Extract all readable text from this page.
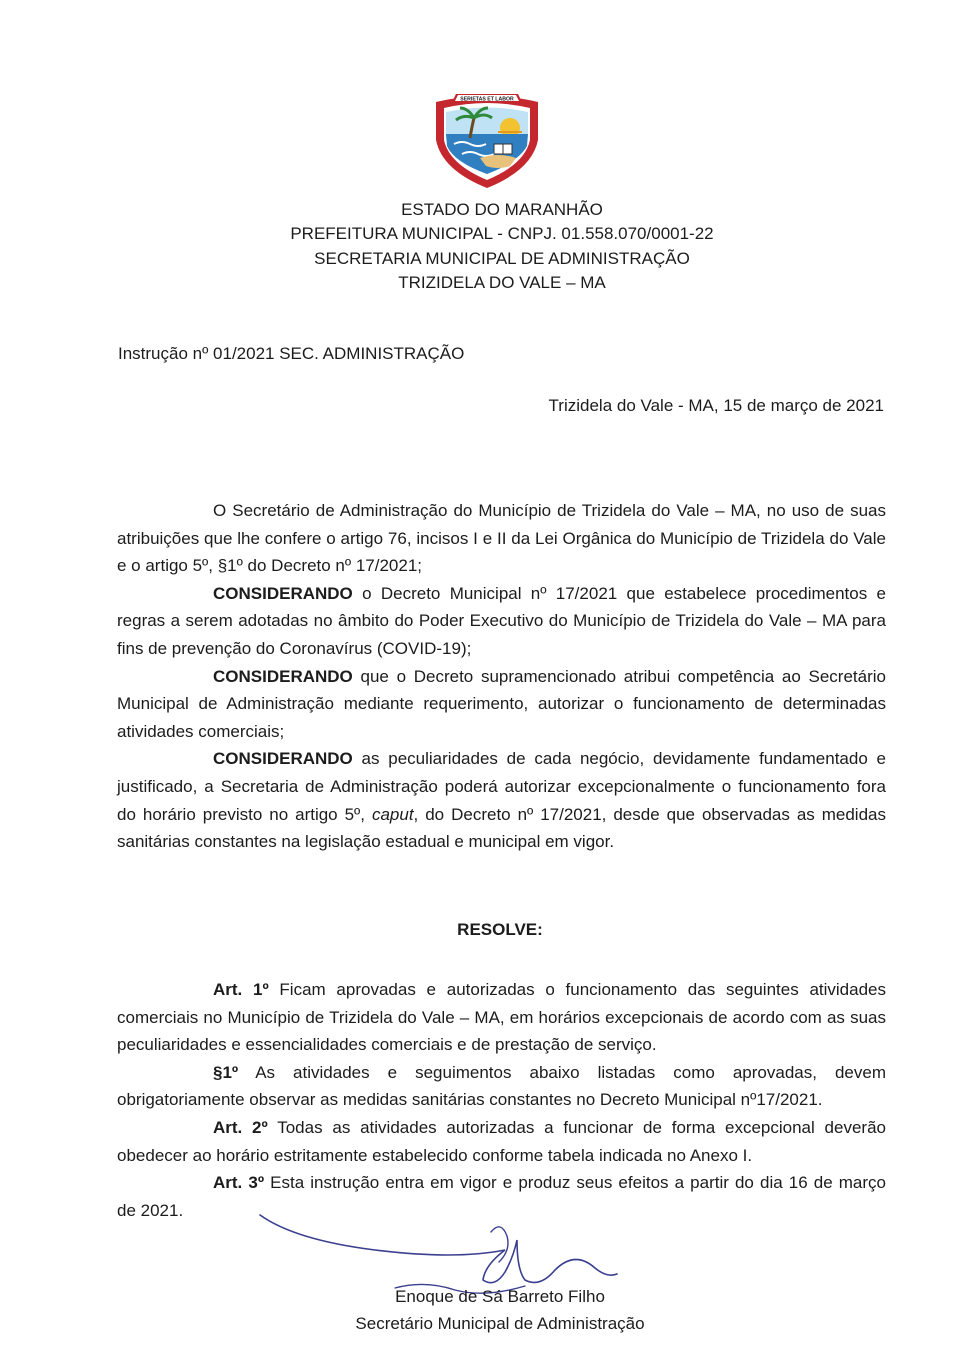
SERIETAS ET LABOR
ESTADO DO MARANHÃO
PREFEITURA MUNICIPAL - CNPJ. 01.558.070/0001-22
SECRETARIA MUNICIPAL DE ADMINISTRAÇÃO
TRIZIDELA DO VALE – MA
Instrução nº 01/2021 SEC. ADMINISTRAÇÃO
Trizidela do Vale - MA, 15 de março de 2021

O Secretário de Administração do Município de Trizidela do Vale – MA, no uso de suas atribuições que lhe confere o artigo 76, incisos I e II da Lei Orgânica do Município de Trizidela do Vale e o artigo 5º, §1º do Decreto nº 17/2021;

CONSIDERANDO o Decreto Municipal nº 17/2021 que estabelece procedimentos e regras a serem adotadas no âmbito do Poder Executivo do Município de Trizidela do Vale – MA para fins de prevenção do Coronavírus (COVID-19);

CONSIDERANDO que o Decreto supramencionado atribui competência ao Secretário Municipal de Administração mediante requerimento, autorizar o funcionamento de determinadas atividades comerciais;

CONSIDERANDO as peculiaridades de cada negócio, devidamente fundamentado e justificado, a Secretaria de Administração poderá autorizar excepcionalmente o funcionamento fora do horário previsto no artigo 5º, caput, do Decreto nº 17/2021, desde que observadas as medidas sanitárias constantes na legislação estadual e municipal em vigor.

RESOLVE:

Art. 1º Ficam aprovadas e autorizadas o funcionamento das seguintes atividades comerciais no Município de Trizidela do Vale – MA, em horários excepcionais de acordo com as suas peculiaridades e essencialidades comerciais e de prestação de serviço.

§1º As atividades e seguimentos abaixo listadas como aprovadas, devem obrigatoriamente observar as medidas sanitárias constantes no Decreto Municipal nº17/2021.

Art. 2º Todas as atividades autorizadas a funcionar de forma excepcional deverão obedecer ao horário estritamente estabelecido conforme tabela indicada no Anexo I.

Art. 3º Esta instrução entra em vigor e produz seus efeitos a partir do dia 16 de março de 2021.

Enoque de Sá Barreto Filho
Secretário Municipal de Administração
